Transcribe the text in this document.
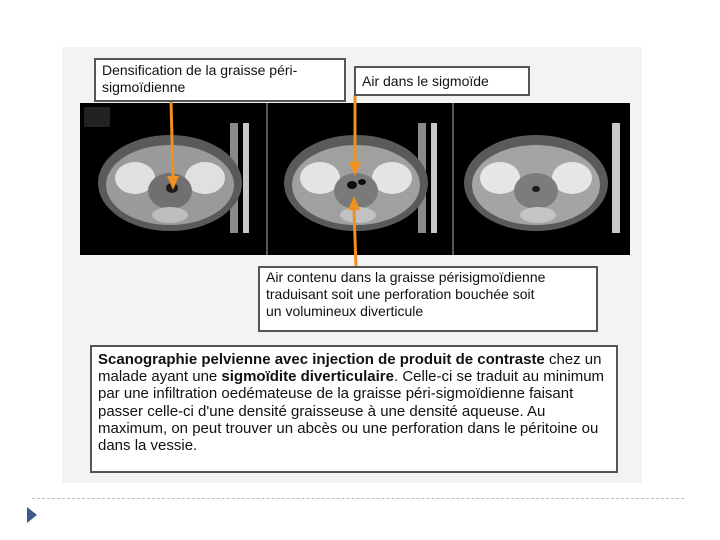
Densification de la graisse péri-
sigmoïdienne	Air dans le sigmoïde
Air contenu dans la graisse périsigmoïdienne
traduisant soit une perforation bouchée soit
un volumineux diverticule
Scanographie pelvienne avec injection de produit de contraste chez un malade ayant une sigmoïdite diverticulaire. Celle-ci se traduit au minimum par une infiltration oedémateuse de la graisse péri-sigmoïdienne faisant passer celle-ci d'une densité graisseuse à une densité aqueuse. Au maximum, on peut trouver un abcès ou une perforation dans le péritoine ou dans la vessie.
